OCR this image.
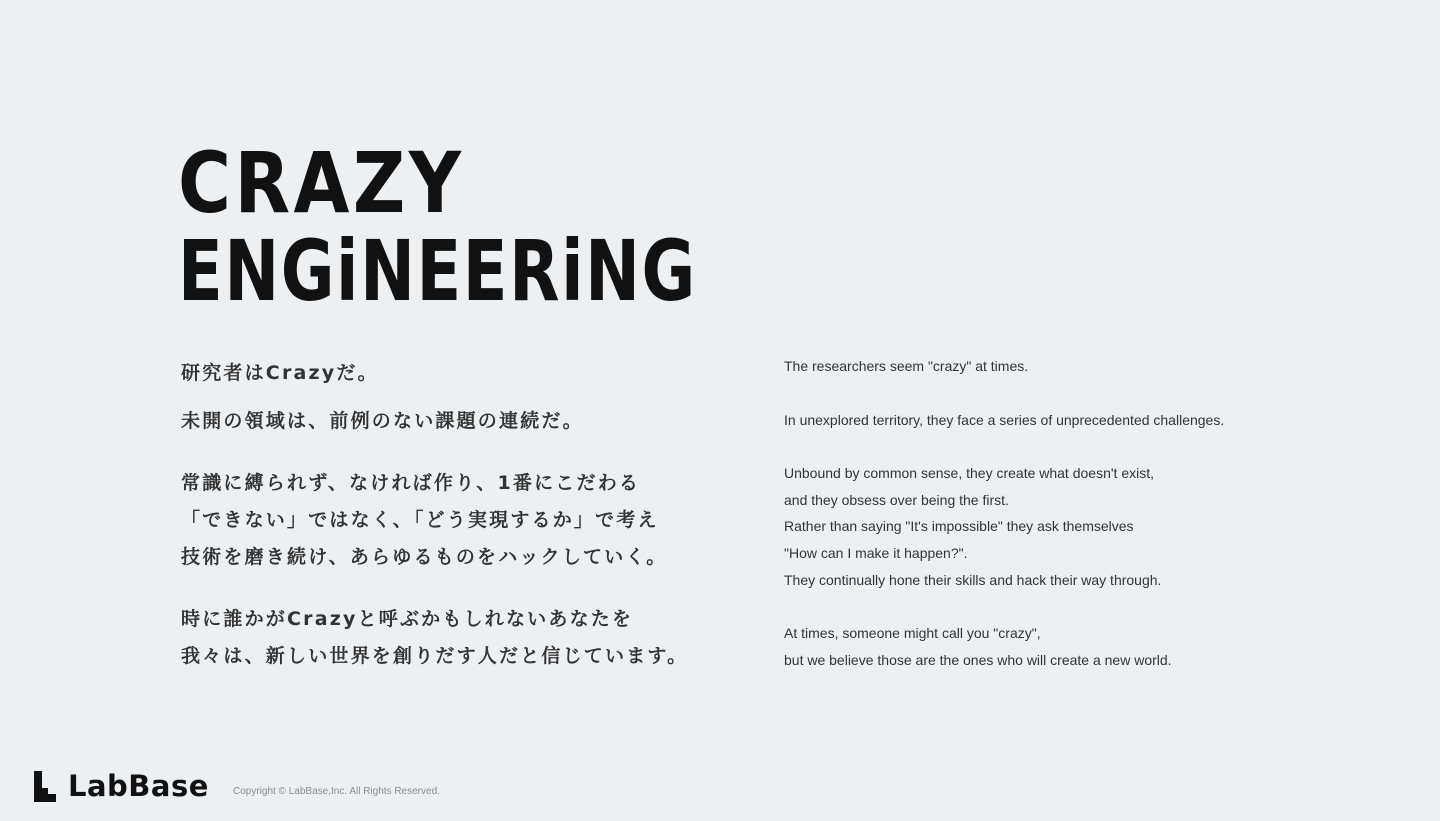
CRAZY
ENGiNEERiNG
研究者はCrazyだ。
未開の領域は、前例のない課題の連続だ。
常識に縛られず、なければ作り、1番にこだわる
「できない」ではなく、「どう実現するか」で考え
技術を磨き続け、あらゆるものをハックしていく。
時に誰かがCrazyと呼ぶかもしれないあなたを
我々は、新しい世界を創りだす人だと信じています。
The researchers seem "crazy" at times.
In unexplored territory, they face a series of unprecedented challenges.
Unbound by common sense, they create what doesn't exist,
and they obsess over being the first.
Rather than saying "It's impossible" they ask themselves
"How can I make it happen?".
They continually hone their skills and hack their way through.
At times, someone might call you "crazy",
but we believe those are the ones who will create a new world.
LabBase Copyright © LabBase,Inc. All Rights Reserved.
